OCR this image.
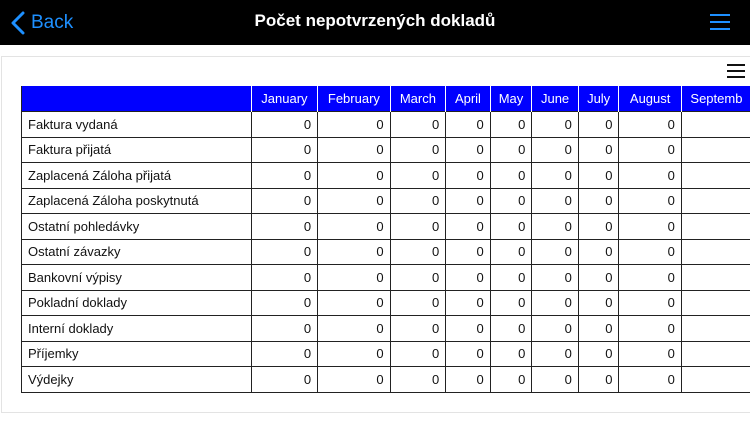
Back	Počet nepotvrzených dokladů
	January	February	March	April	May	June	July	August	Septemb
Faktura vydaná	0	0	0	0	0	0	0	0	
Faktura přijatá	0	0	0	0	0	0	0	0	
Zaplacená Záloha přijatá	0	0	0	0	0	0	0	0	
Zaplacená Záloha poskytnutá	0	0	0	0	0	0	0	0	
Ostatní pohledávky	0	0	0	0	0	0	0	0	
Ostatní závazky	0	0	0	0	0	0	0	0	
Bankovní výpisy	0	0	0	0	0	0	0	0	
Pokladní doklady	0	0	0	0	0	0	0	0	
Interní doklady	0	0	0	0	0	0	0	0	
Příjemky	0	0	0	0	0	0	0	0	
Výdejky	0	0	0	0	0	0	0	0	
